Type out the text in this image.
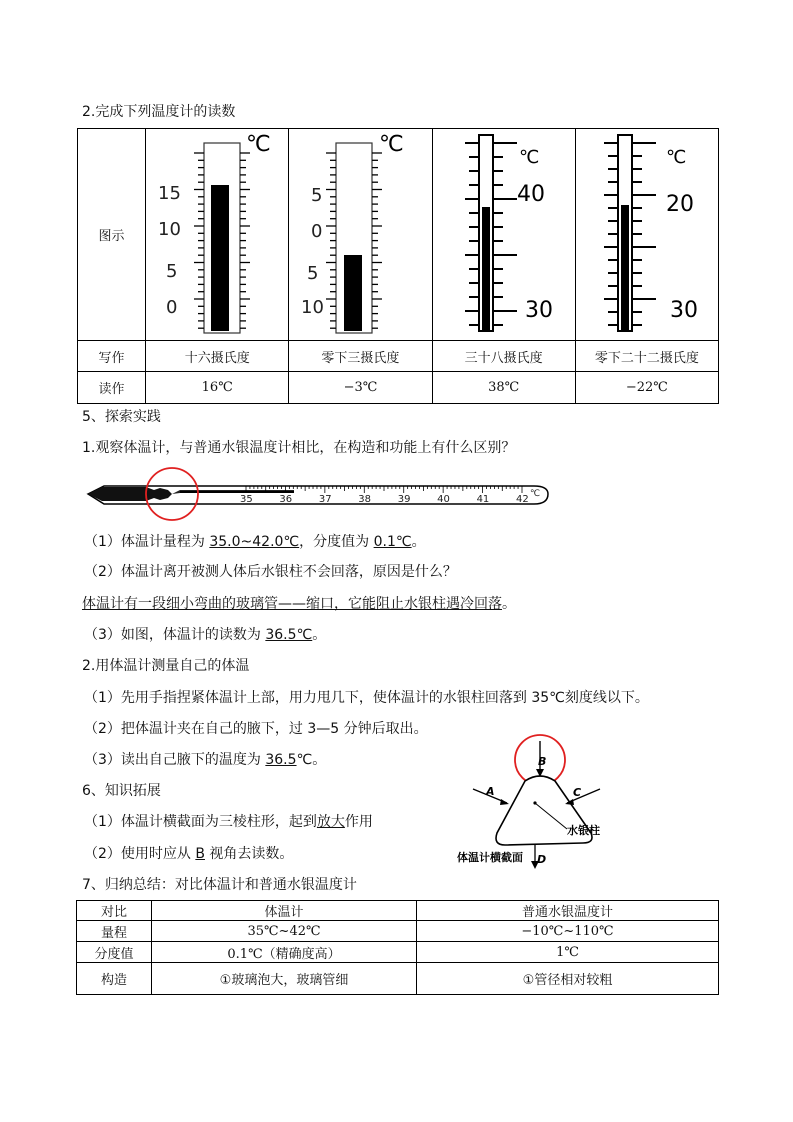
2.完成下列温度计的读数
图示	℃
15
10
5
0	℃
5
0
5
10	℃
40
30	℃
20
30

写作	十六摄氏度	零下三摄氏度	三十八摄氏度	零下二十二摄氏度
读作	16℃	−3℃	38℃	−22℃
5、探索实践
1.观察体温计，与普通水银温度计相比，在构造和功能上有什么区别？
35	36	37	38	39	40	41	42 ℃
（1）体温计量程为 35.0~42.0℃，分度值为 0.1℃。
（2）体温计离开被测人体后水银柱不会回落，原因是什么？
体温计有一段细小弯曲的玻璃管——缩口，它能阻止水银柱遇冷回落。
（3）如图，体温计的读数为 36.5℃。
2.用体温计测量自己的体温
（1）先用手指捏紧体温计上部，用力甩几下，使体温计的水银柱回落到 35℃刻度线以下。
（2）把体温计夹在自己的腋下，过 3—5 分钟后取出。
（3）读出自己腋下的温度为 36.5℃。
6、知识拓展
（1）体温计横截面为三棱柱形，起到放大作用
（2）使用时应从 B 视角去读数。
B
A	C
D
水银柱
体温计横截面
7、归纳总结：对比体温计和普通水银温度计
对比	体温计	普通水银温度计
量程	35℃~42℃	−10℃~110℃
分度值	0.1℃（精确度高）	1℃
构造	①玻璃泡大，玻璃管细	①管径相对较粗
